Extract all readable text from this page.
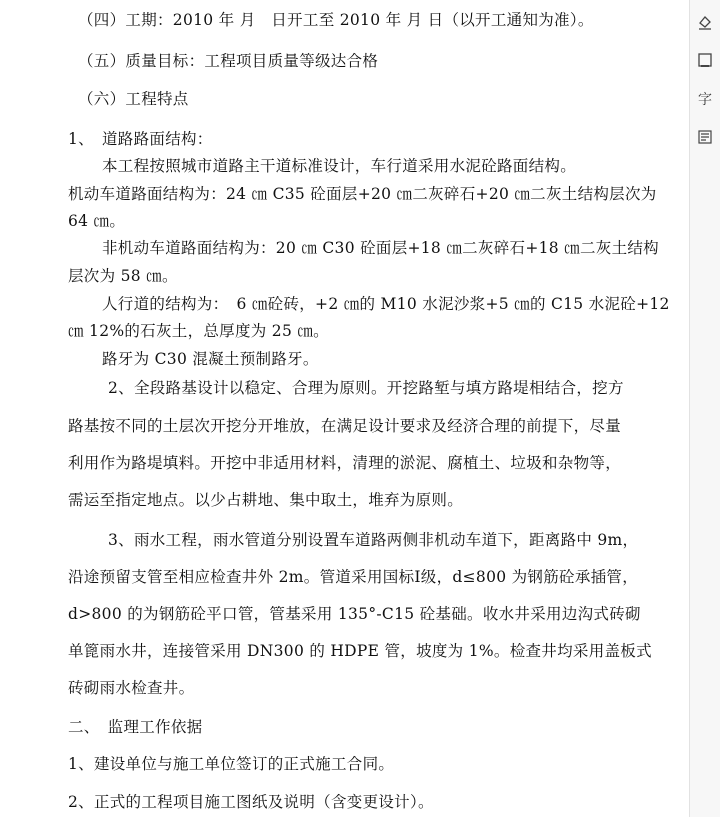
（四）工期：2010 年 月　日开工至 2010 年 月 日（以开工通知为准）。
（五）质量目标：工程项目质量等级达合格
（六）工程特点
1、　道路路面结构：
本工程按照城市道路主干道标准设计，车行道采用水泥砼路面结构。
机动车道路面结构为：24 ㎝ C35 砼面层+20 ㎝二灰碎石+20 ㎝二灰土结构层次为
64 ㎝。
非机动车道路面结构为：20 ㎝ C30 砼面层+18 ㎝二灰碎石+18 ㎝二灰土结构
层次为 58 ㎝。
人行道的结构为：　6 ㎝砼砖，+2 ㎝的 M10 水泥沙浆+5 ㎝的 C15 水泥砼+12
㎝ 12%的石灰土，总厚度为 25 ㎝。
路牙为 C30 混凝土预制路牙。
2、全段路基设计以稳定、合理为原则。开挖路堑与填方路堤相结合，挖方
路基按不同的土层次开挖分开堆放，在满足设计要求及经济合理的前提下，尽量
利用作为路堤填料。开挖中非适用材料，清理的淤泥、腐植土、垃圾和杂物等，
需运至指定地点。以少占耕地、集中取土，堆弃为原则。
3、雨水工程，雨水管道分别设置车道路两侧非机动车道下，距离路中 9m，
沿途预留支管至相应检查井外 2m。管道采用国标Ⅰ级，d≤800 为钢筋砼承插管，
d>800 的为钢筋砼平口管，管基采用 135°-C15 砼基础。收水井采用边沟式砖砌
单篦雨水井，连接管采用 DN300 的 HDPE 管，坡度为 1%。检查井均采用盖板式
砖砌雨水检查井。
二、　监理工作依据
1、建设单位与施工单位签订的正式施工合同。
2、正式的工程项目施工图纸及说明（含变更设计）。
字
